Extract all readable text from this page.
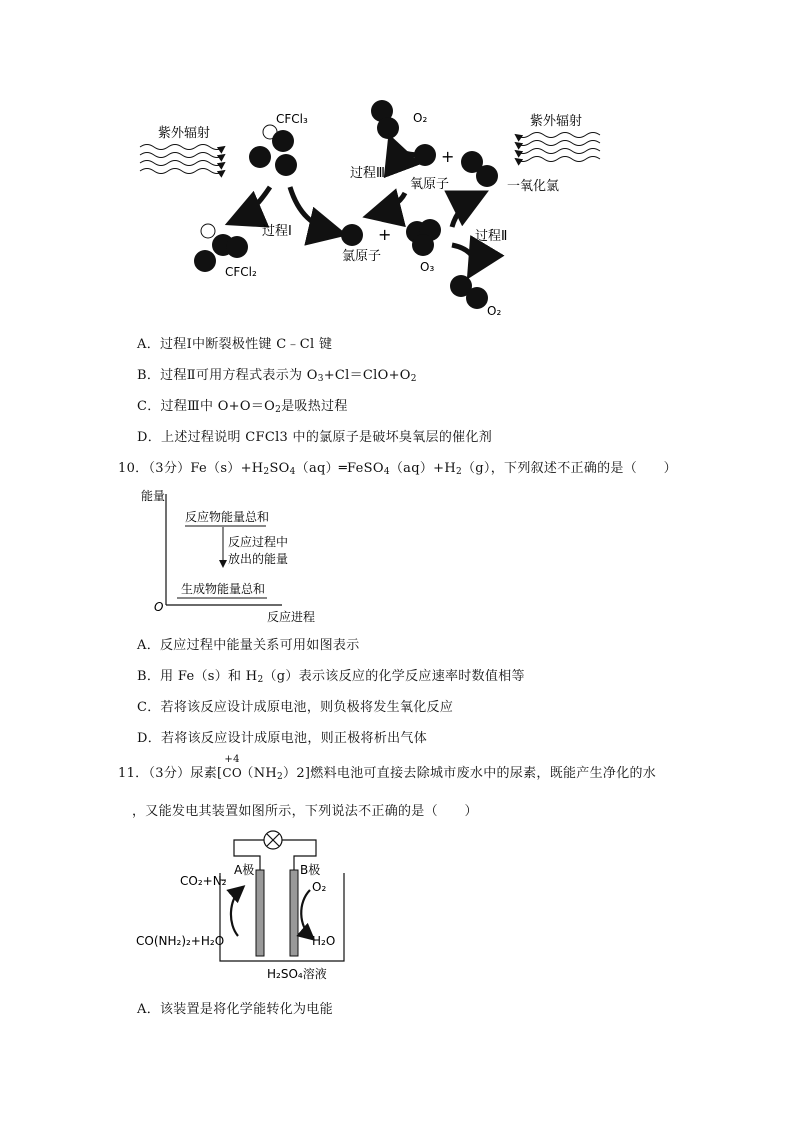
紫外辐射
CFCl₃
过程Ⅰ
CFCl₂
+
氯原子
O₃
过程Ⅱ
O₂
O₂
+
氧原子
过程Ⅲ
一氧化氯
紫外辐射
A．过程Ⅰ中断裂极性键 C﹣Cl 键
B．过程Ⅱ可用方程式表示为 $O_3+Cl=ClO+O_2$
C．过程Ⅲ中 $O+O=O_2$是吸热过程
D．上述过程说明 CFCl3 中的氯原子是破坏臭氧层的催化剂
10．（3分）$Fe(s)+H_2SO_4(aq)═FeSO_4(aq)+H_2(g)$，下列叙述不正确的是（　　）
能量
O
反应进程
反应物能量总和
反应过程中
放出的能量
生成物能量总和
A．反应过程中能量关系可用如图表示
B．用 Fe（s）和 $H_2(g)$表示该反应的化学反应速率时数值相等
C．若将该反应设计成原电池，则负极将发生氧化反应
D．若将该反应设计成原电池，则正极将析出气体
11．（3分）尿素[
+4
$CO(NH_2)2$]燃料电池可直接去除城市废水中的尿素，既能产生净化的水
，又能发电其装置如图所示，下列说法不正确的是（　　）
A极	B极
CO₂+N₂
CO(NH₂)₂+H₂O
O₂
H₂O
H₂SO₄溶液
A．该装置是将化学能转化为电能
